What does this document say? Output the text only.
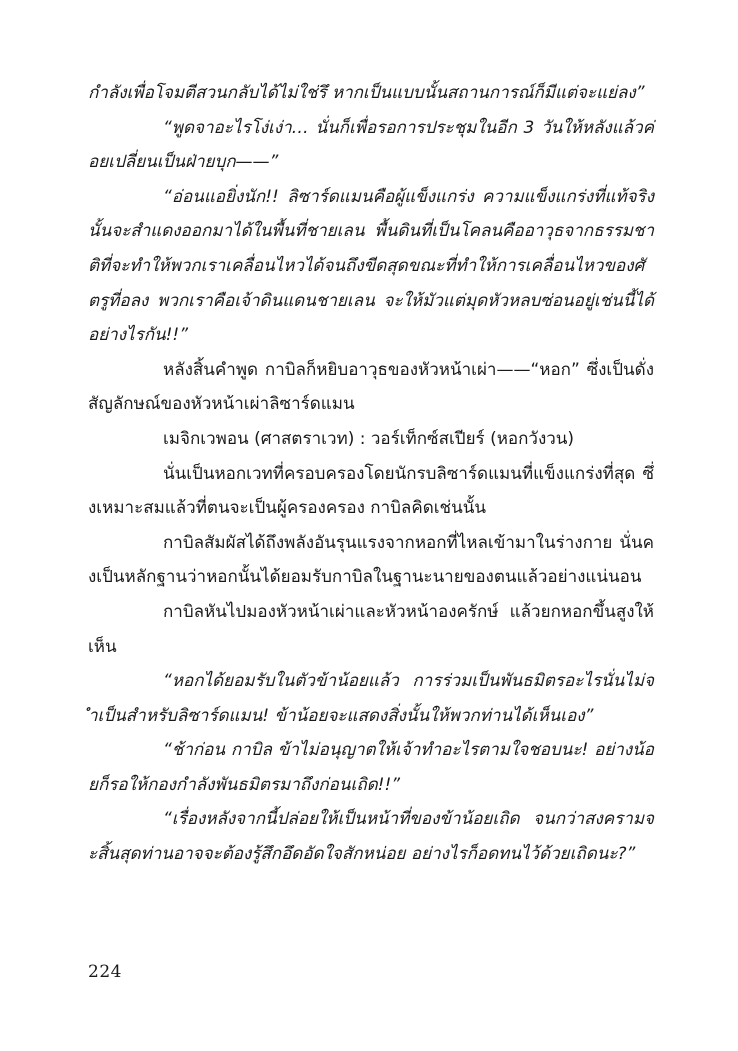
กำลังเพื่อโจมตีสวนกลับได้ไม่ใช่รึ หากเป็นแบบนั้นสถานการณ์ก็มีแต่จะแย่ลง”

“พูดจาอะไรโง่เง่า… นั่นก็เพื่อรอการประชุมในอีก 3 วันให้หลังแล้วค่อยเปลี่ยนเป็นฝ่ายบุก——”

“อ่อนแอยิ่งนัก!! ลิซาร์ดแมนคือผู้แข็งแกร่ง ความแข็งแกร่งที่แท้จริงนั้นจะสำแดงออกมาได้ในพื้นที่ชายเลน พื้นดินที่เป็นโคลนคืออาวุธจากธรรมชาติที่จะทำให้พวกเราเคลื่อนไหวได้จนถึงขีดสุดขณะที่ทำให้การเคลื่อนไหวของศัตรูที่อลง พวกเราคือเจ้าดินแดนชายเลน จะให้มัวแต่มุดหัวหลบซ่อนอยู่เช่นนี้ได้อย่างไรกัน!!”

หลังสิ้นคำพูด กาบิลก็หยิบอาวุธของหัวหน้าเผ่า——“หอก” ซึ่งเป็นดั่งสัญลักษณ์ของหัวหน้าเผ่าลิซาร์ดแมน

เมจิกเวพอน (ศาสตราเวท) : วอร์เท็กซ์สเปียร์ (หอกวังวน)

นั่นเป็นหอกเวทที่ครอบครองโดยนักรบลิซาร์ดแมนที่แข็งแกร่งที่สุด ซึ่งเหมาะสมแล้วที่ตนจะเป็นผู้ครองครอง กาบิลคิดเช่นนั้น

กาบิลสัมผัสได้ถึงพลังอันรุนแรงจากหอกที่ไหลเข้ามาในร่างกาย นั่นคงเป็นหลักฐานว่าหอกนั้นได้ยอมรับกาบิลในฐานะนายของตนแล้วอย่างแน่นอน

กาบิลหันไปมองหัวหน้าเผ่าและหัวหน้าองครักษ์ แล้วยกหอกขึ้นสูงให้เห็น

“หอกได้ยอมรับในตัวข้าน้อยแล้ว การร่วมเป็นพันธมิตรอะไรนั่นไม่จำเป็นสำหรับลิซาร์ดแมน! ข้าน้อยจะแสดงสิ่งนั้นให้พวกท่านได้เห็นเอง”

“ช้าก่อน กาบิล ข้าไม่อนุญาตให้เจ้าทำอะไรตามใจชอบนะ! อย่างน้อยก็รอให้กองกำลังพันธมิตรมาถึงก่อนเถิด!!”

“เรื่องหลังจากนี้ปล่อยให้เป็นหน้าที่ของข้าน้อยเถิด จนกว่าสงครามจะสิ้นสุดท่านอาจจะต้องรู้สึกอึดอัดใจสักหน่อย อย่างไรก็อดทนไว้ด้วยเถิดนะ?”

224
